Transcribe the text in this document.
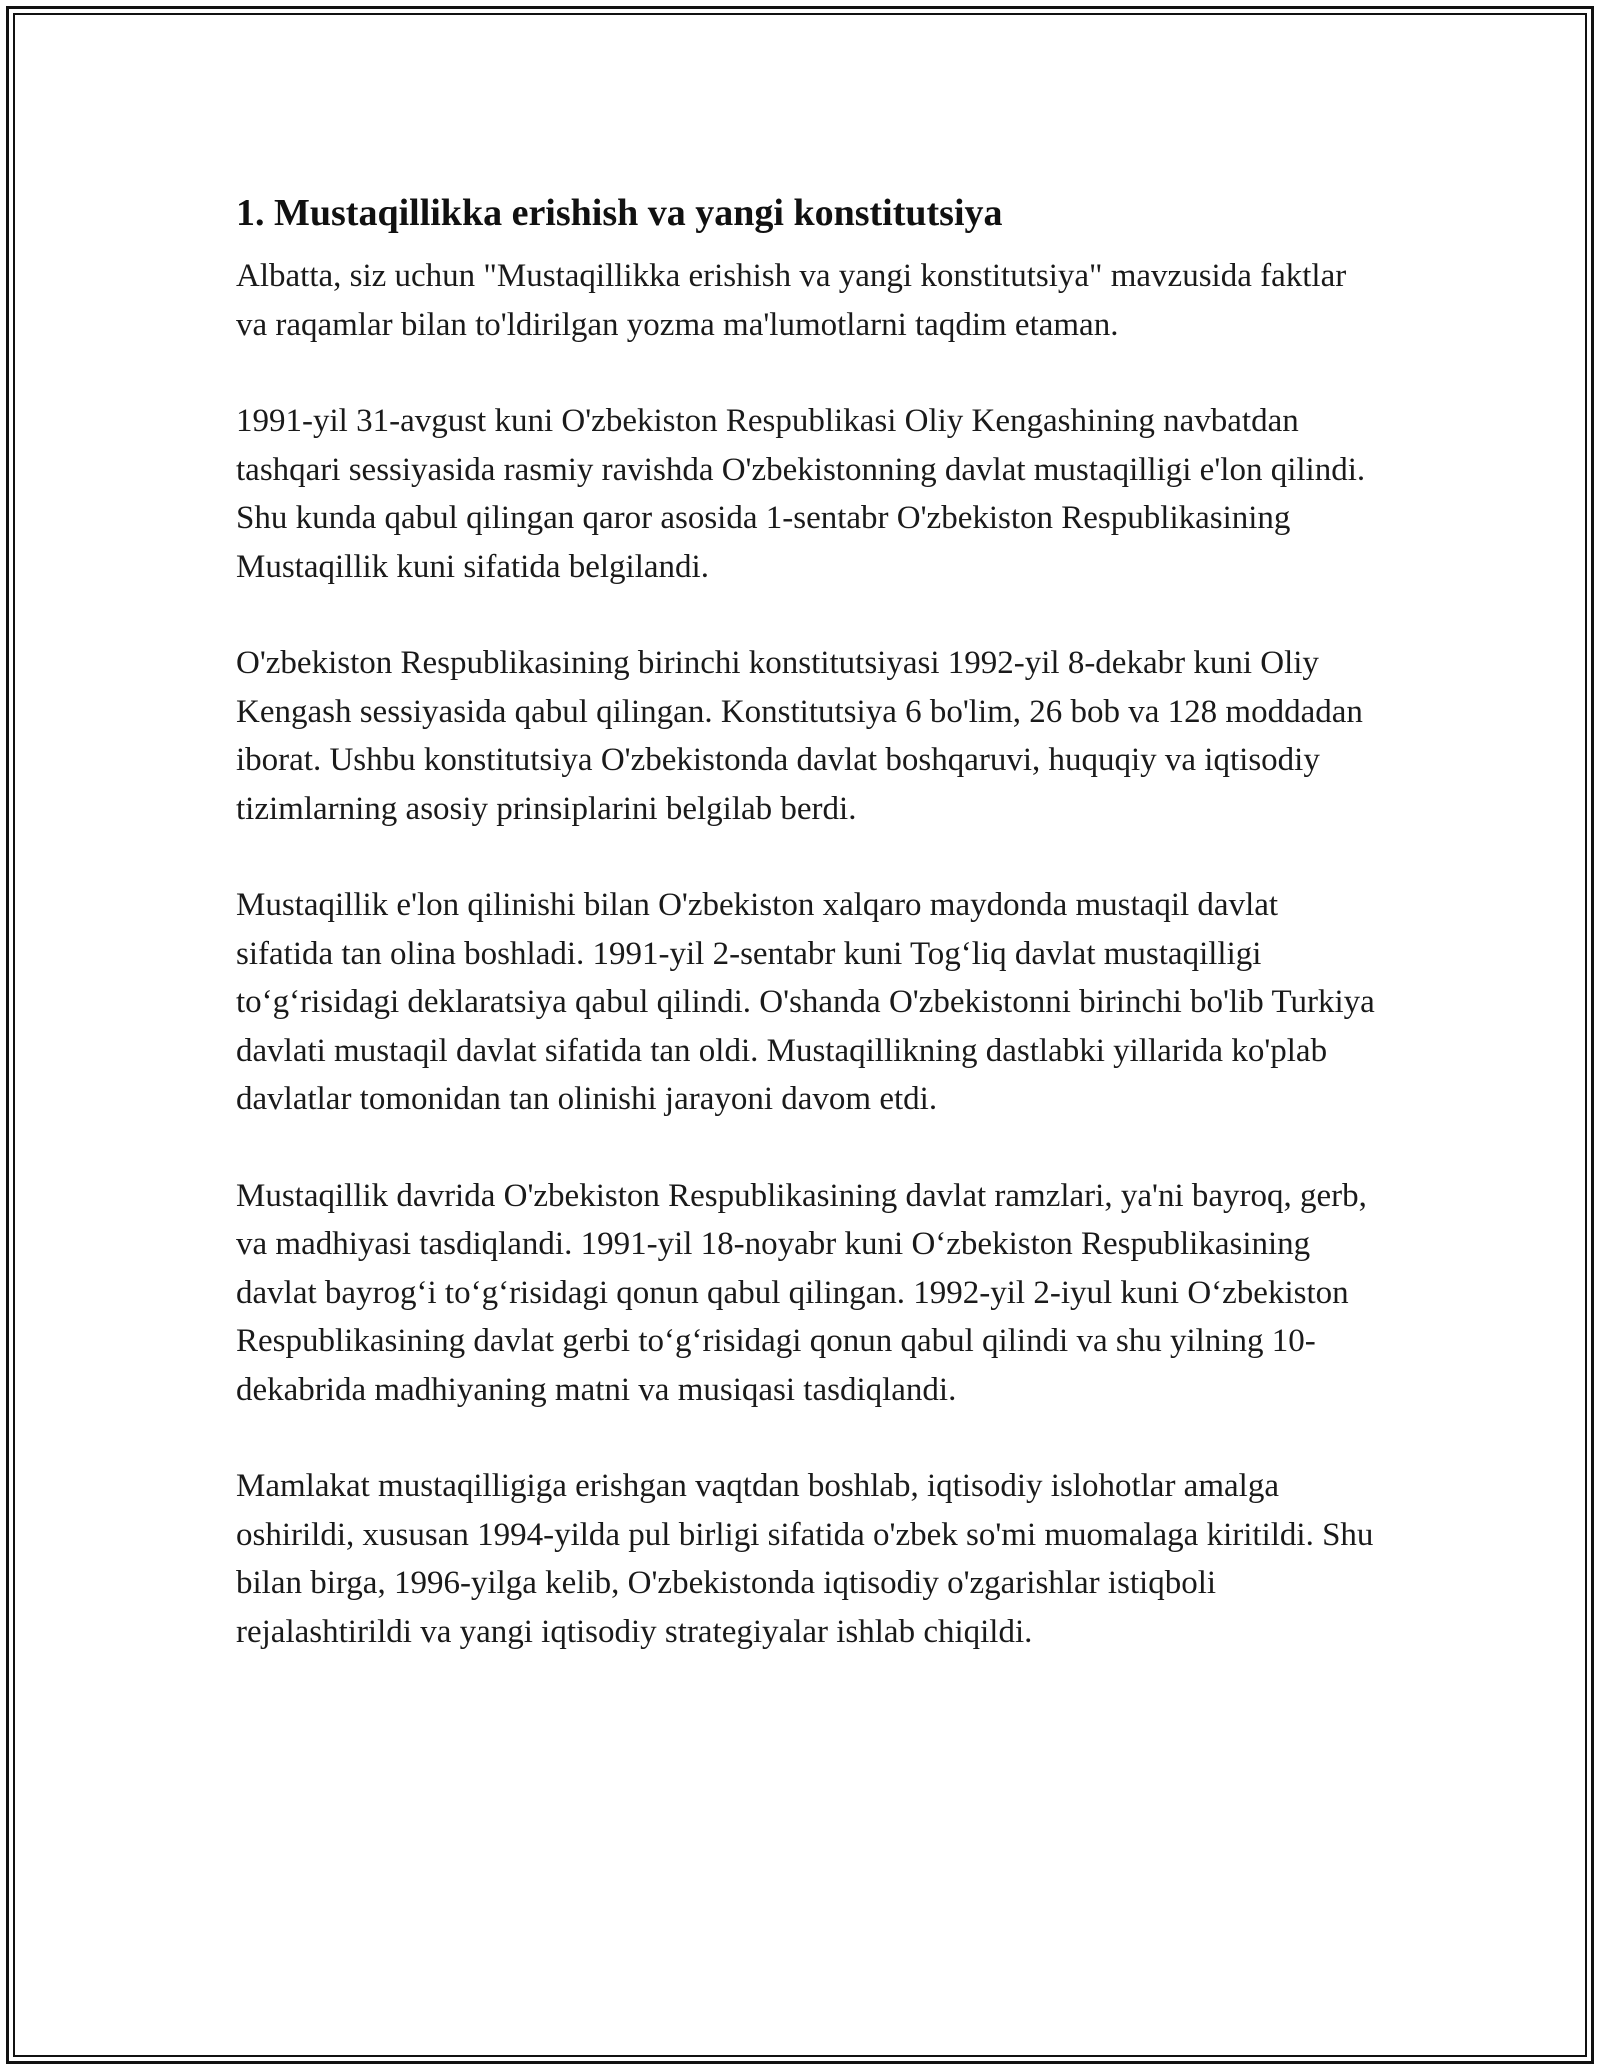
1. Mustaqillikka erishish va yangi konstitutsiya

Albatta, siz uchun "Mustaqillikka erishish va yangi konstitutsiya" mavzusida faktlar va raqamlar bilan to'ldirilgan yozma ma'lumotlarni taqdim etaman.

1991-yil 31-avgust kuni O'zbekiston Respublikasi Oliy Kengashining navbatdan tashqari sessiyasida rasmiy ravishda O'zbekistonning davlat mustaqilligi e'lon qilindi. Shu kunda qabul qilingan qaror asosida 1-sentabr O'zbekiston Respublikasining Mustaqillik kuni sifatida belgilandi.

O'zbekiston Respublikasining birinchi konstitutsiyasi 1992-yil 8-dekabr kuni Oliy Kengash sessiyasida qabul qilingan. Konstitutsiya 6 bo'lim, 26 bob va 128 moddadan iborat. Ushbu konstitutsiya O'zbekistonda davlat boshqaruvi, huquqiy va iqtisodiy tizimlarning asosiy prinsiplarini belgilab berdi.

Mustaqillik e'lon qilinishi bilan O'zbekiston xalqaro maydonda mustaqil davlat sifatida tan olina boshladi. 1991-yil 2-sentabr kuni Tog‘liq davlat mustaqilligi to‘g‘risidagi deklaratsiya qabul qilindi. O'shanda O'zbekistonni birinchi bo'lib Turkiya davlati mustaqil davlat sifatida tan oldi. Mustaqillikning dastlabki yillarida ko'plab davlatlar tomonidan tan olinishi jarayoni davom etdi.

Mustaqillik davrida O'zbekiston Respublikasining davlat ramzlari, ya'ni bayroq, gerb, va madhiyasi tasdiqlandi. 1991-yil 18-noyabr kuni O‘zbekiston Respublikasining davlat bayrog‘i to‘g‘risidagi qonun qabul qilingan. 1992-yil 2-iyul kuni O‘zbekiston Respublikasining davlat gerbi to‘g‘risidagi qonun qabul qilindi va shu yilning 10-dekabrida madhiyaning matni va musiqasi tasdiqlandi.

Mamlakat mustaqilligiga erishgan vaqtdan boshlab, iqtisodiy islohotlar amalga oshirildi, xususan 1994-yilda pul birligi sifatida o'zbek so'mi muomalaga kiritildi. Shu bilan birga, 1996-yilga kelib, O'zbekistonda iqtisodiy o'zgarishlar istiqboli rejalashtirildi va yangi iqtisodiy strategiyalar ishlab chiqildi.
